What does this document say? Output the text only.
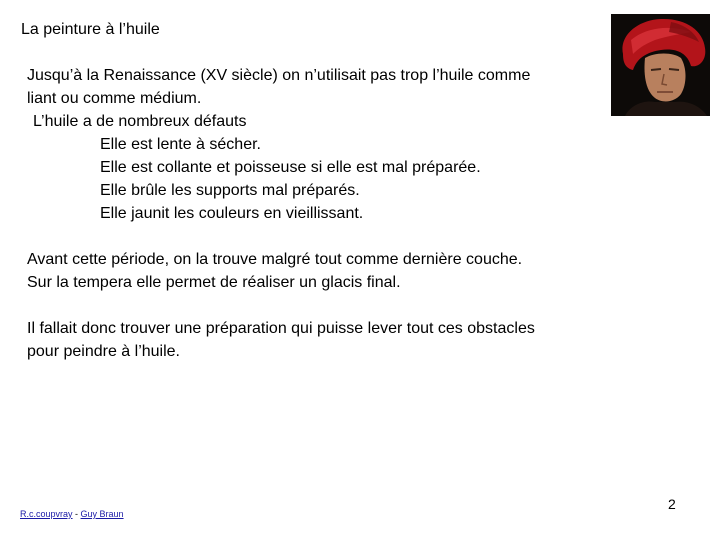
La peinture à l’huile

Jusqu’à la Renaissance (XV siècle) on n’utilisait pas trop l’huile comme

liant ou comme médium.

L’huile a de nombreux défauts

Elle est lente à sécher.

Elle est collante et poisseuse si elle est mal préparée.

Elle brûle les supports mal préparés.

Elle jaunit les couleurs en vieillissant.

Avant cette période, on la trouve malgré tout comme dernière couche.

Sur la tempera elle permet de réaliser un glacis final.

Il fallait donc trouver une préparation qui puisse lever tout ces obstacles

pour peindre à l’huile.

R.c.coupvray - Guy Braun
2
